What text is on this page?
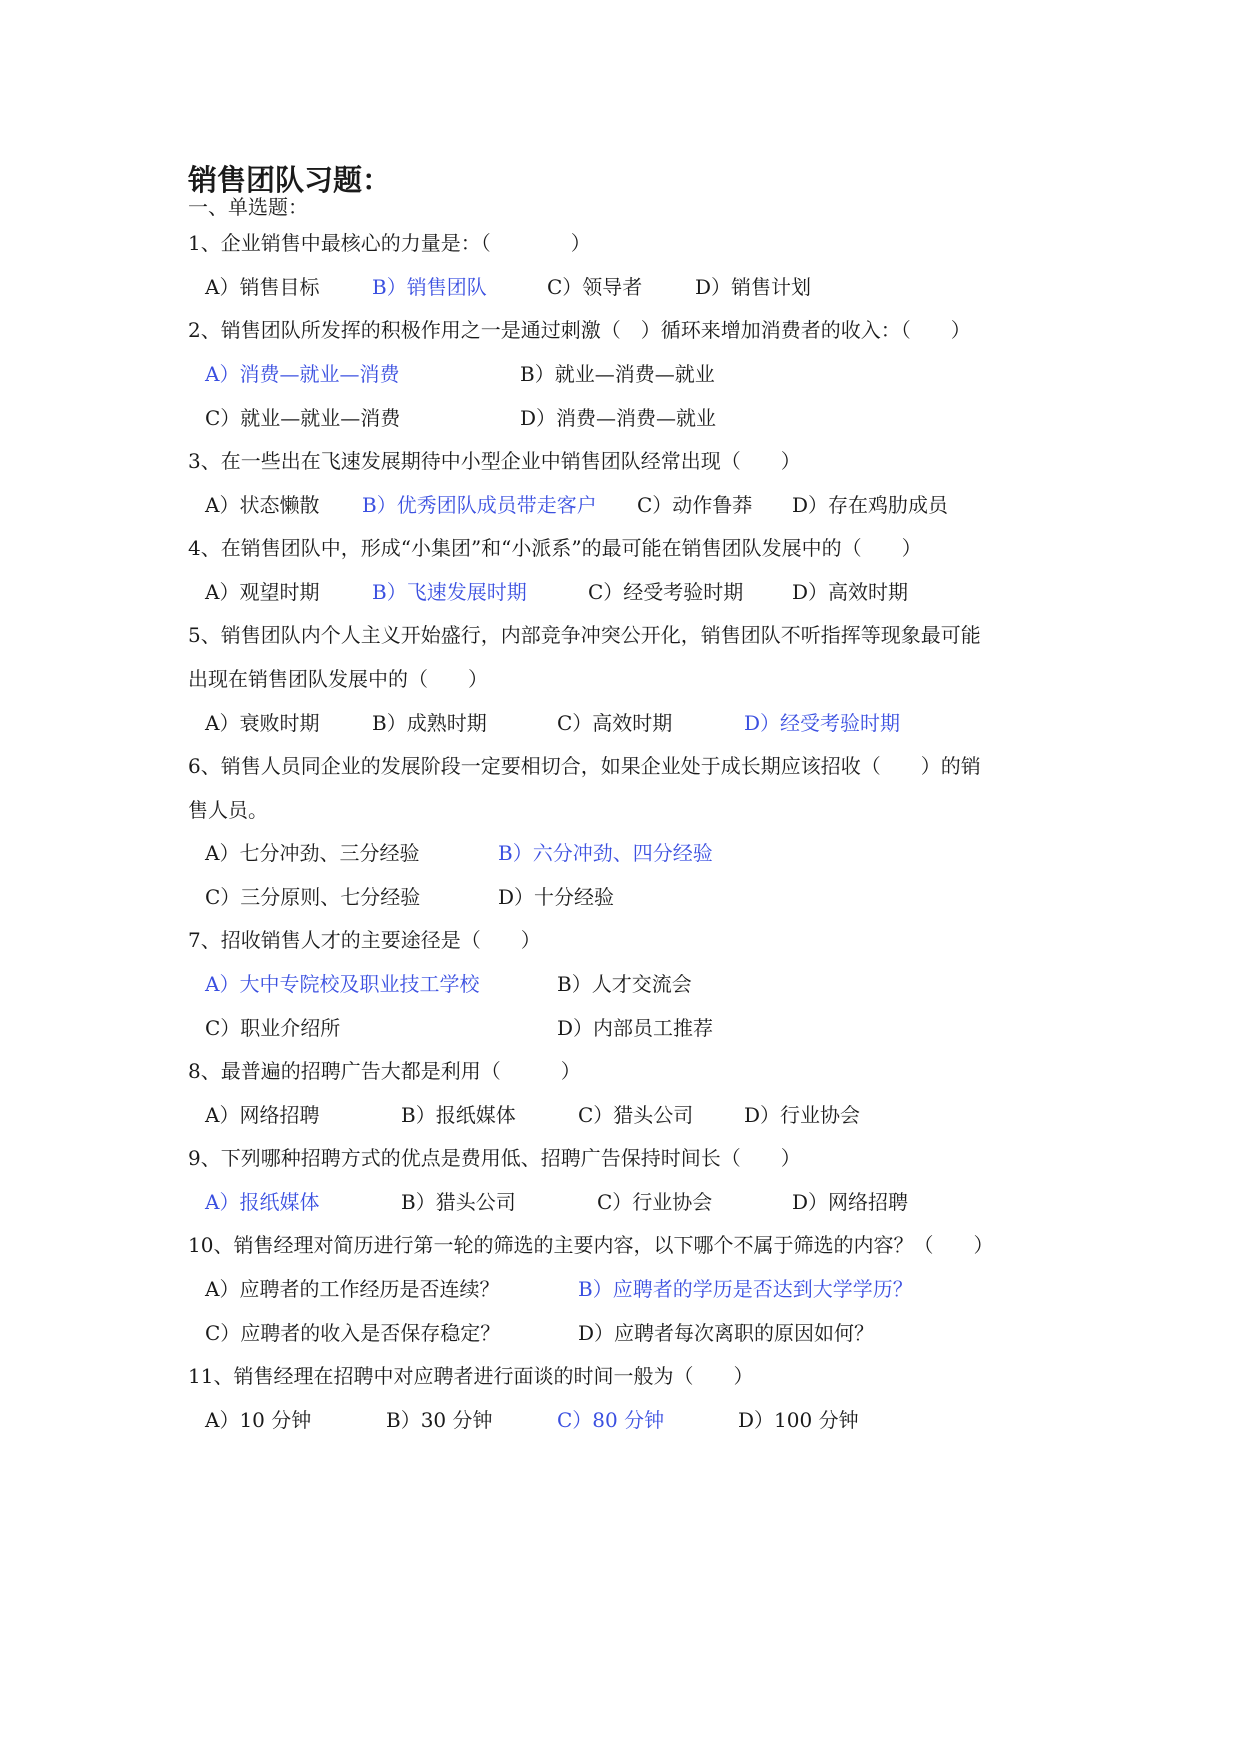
销售团队习题：
一、单选题：
1、企业销售中最核心的力量是：（　　　　）
A）销售目标	B）销售团队	C）领导者	D）销售计划
2、销售团队所发挥的积极作用之一是通过刺激（　）循环来增加消费者的收入：（　　）
A）消费—就业—消费	B）就业—消费—就业
C）就业—就业—消费	D）消费—消费—就业
3、在一些出在飞速发展期待中小型企业中销售团队经常出现（　　）
A）状态懒散 B）优秀团队成员带走客户 C）动作鲁莽 D）存在鸡肋成员
4、在销售团队中，形成“小集团”和“小派系”的最可能在销售团队发展中的（　　）
A）观望时期	B）飞速发展时期	C）经受考验时期 D）高效时期
5、销售团队内个人主义开始盛行，内部竞争冲突公开化，销售团队不听指挥等现象最可能
出现在销售团队发展中的（　　）
A）衰败时期	B）成熟时期	C）高效时期	D）经受考验时期
6、销售人员同企业的发展阶段一定要相切合，如果企业处于成长期应该招收（　　）的销
售人员。
A）七分冲劲、三分经验	B）六分冲劲、四分经验
C）三分原则、七分经验	D）十分经验
7、招收销售人才的主要途径是（　　）
A）大中专院校及职业技工学校	B）人才交流会
C）职业介绍所	D）内部员工推荐
8、最普遍的招聘广告大都是利用（　　　）
A）网络招聘	B）报纸媒体	C）猎头公司	D）行业协会
9、下列哪种招聘方式的优点是费用低、招聘广告保持时间长（　　）
A）报纸媒体	B）猎头公司	C）行业协会	D）网络招聘
10、销售经理对简历进行第一轮的筛选的主要内容，以下哪个不属于筛选的内容？（　　）
A）应聘者的工作经历是否连续？	B）应聘者的学历是否达到大学学历？
C）应聘者的收入是否保存稳定？	D）应聘者每次离职的原因如何？
11、销售经理在招聘中对应聘者进行面谈的时间一般为（　　）
A）10 分钟	B）30 分钟	C）80 分钟	D）100 分钟
